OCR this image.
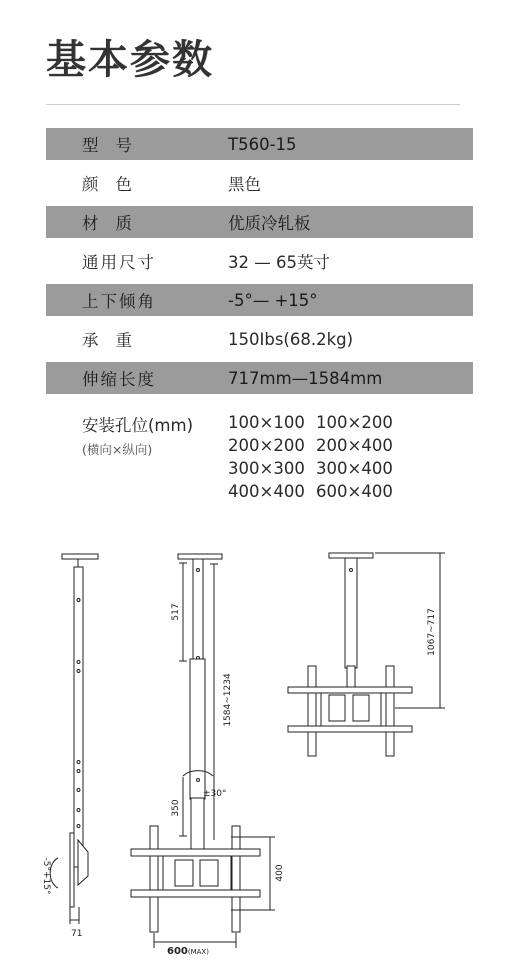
基本参数
型号	T560-15
颜色	黑色
材质	优质冷轧板
通用尺寸	32 — 65英寸
上下倾角	-5°— +15°
承重	150Ibs(68.2kg)
伸缩长度	717mm—1584mm
安装孔位(mm)
(横向×纵向)
100×100 100×200
200×200 200×400
300×300 300×400
400×400 600×400
-5°+15°
71
517
1584~1234
±30°
350
400
1067~717
600(MAX)
